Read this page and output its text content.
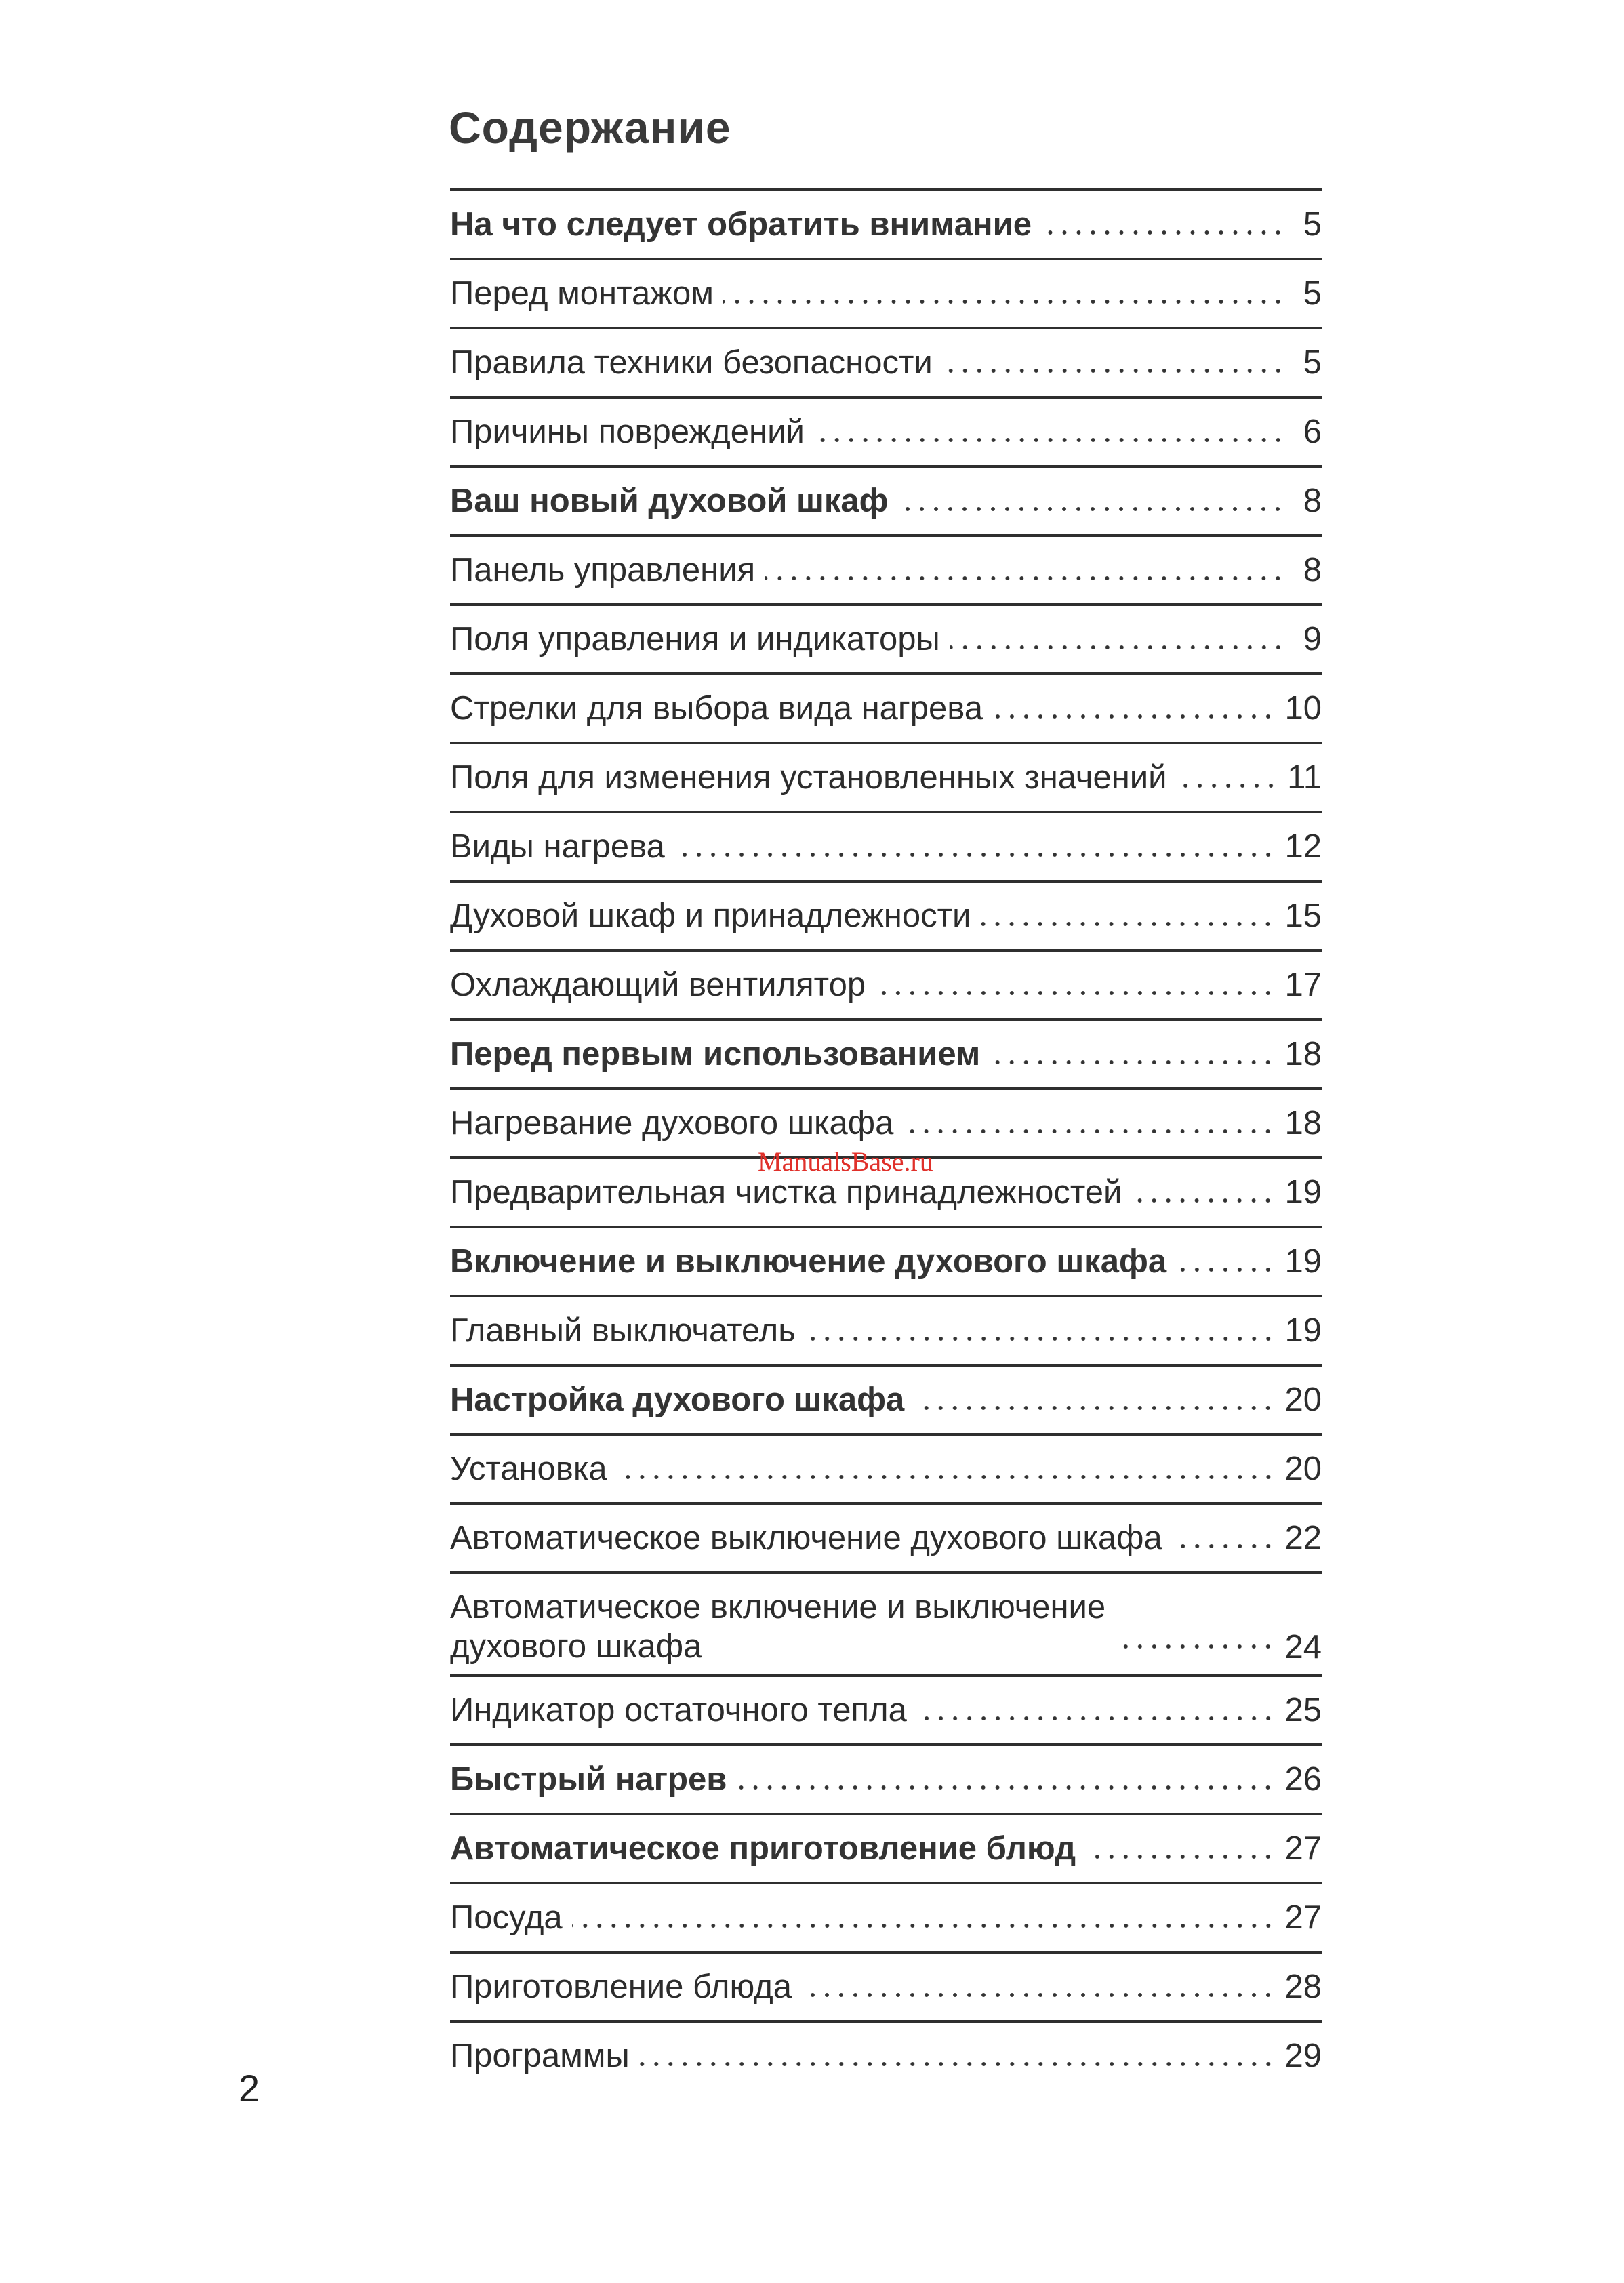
Содержание
На что следует обратить внимание	5
Перед монтажом	5
Правила техники безопасности	5
Причины повреждений	6
Ваш новый духовой шкаф	8
Панель управления	8
Поля управления и индикаторы	9
Стрелки для выбора вида нагрева	10
Поля для изменения установленных значений	11
Виды нагрева	12
Духовой шкаф и принадлежности	15
Охлаждающий вентилятор	17
Перед первым использованием	18
Нагревание духового шкафа	18
Предварительная чистка принадлежностей	19
Включение и выключение духового шкафа	19
Главный выключатель	19
Настройка духового шкафа	20
Установка	20
Автоматическое выключение духового шкафа	22
Автоматическое включение и выключение
духового шкафа	24
Индикатор остаточного тепла	25
Быстрый нагрев	26
Автоматическое приготовление блюд	27
Посуда	27
Приготовление блюда	28
Программы	29
ManualsBase.ru
2
